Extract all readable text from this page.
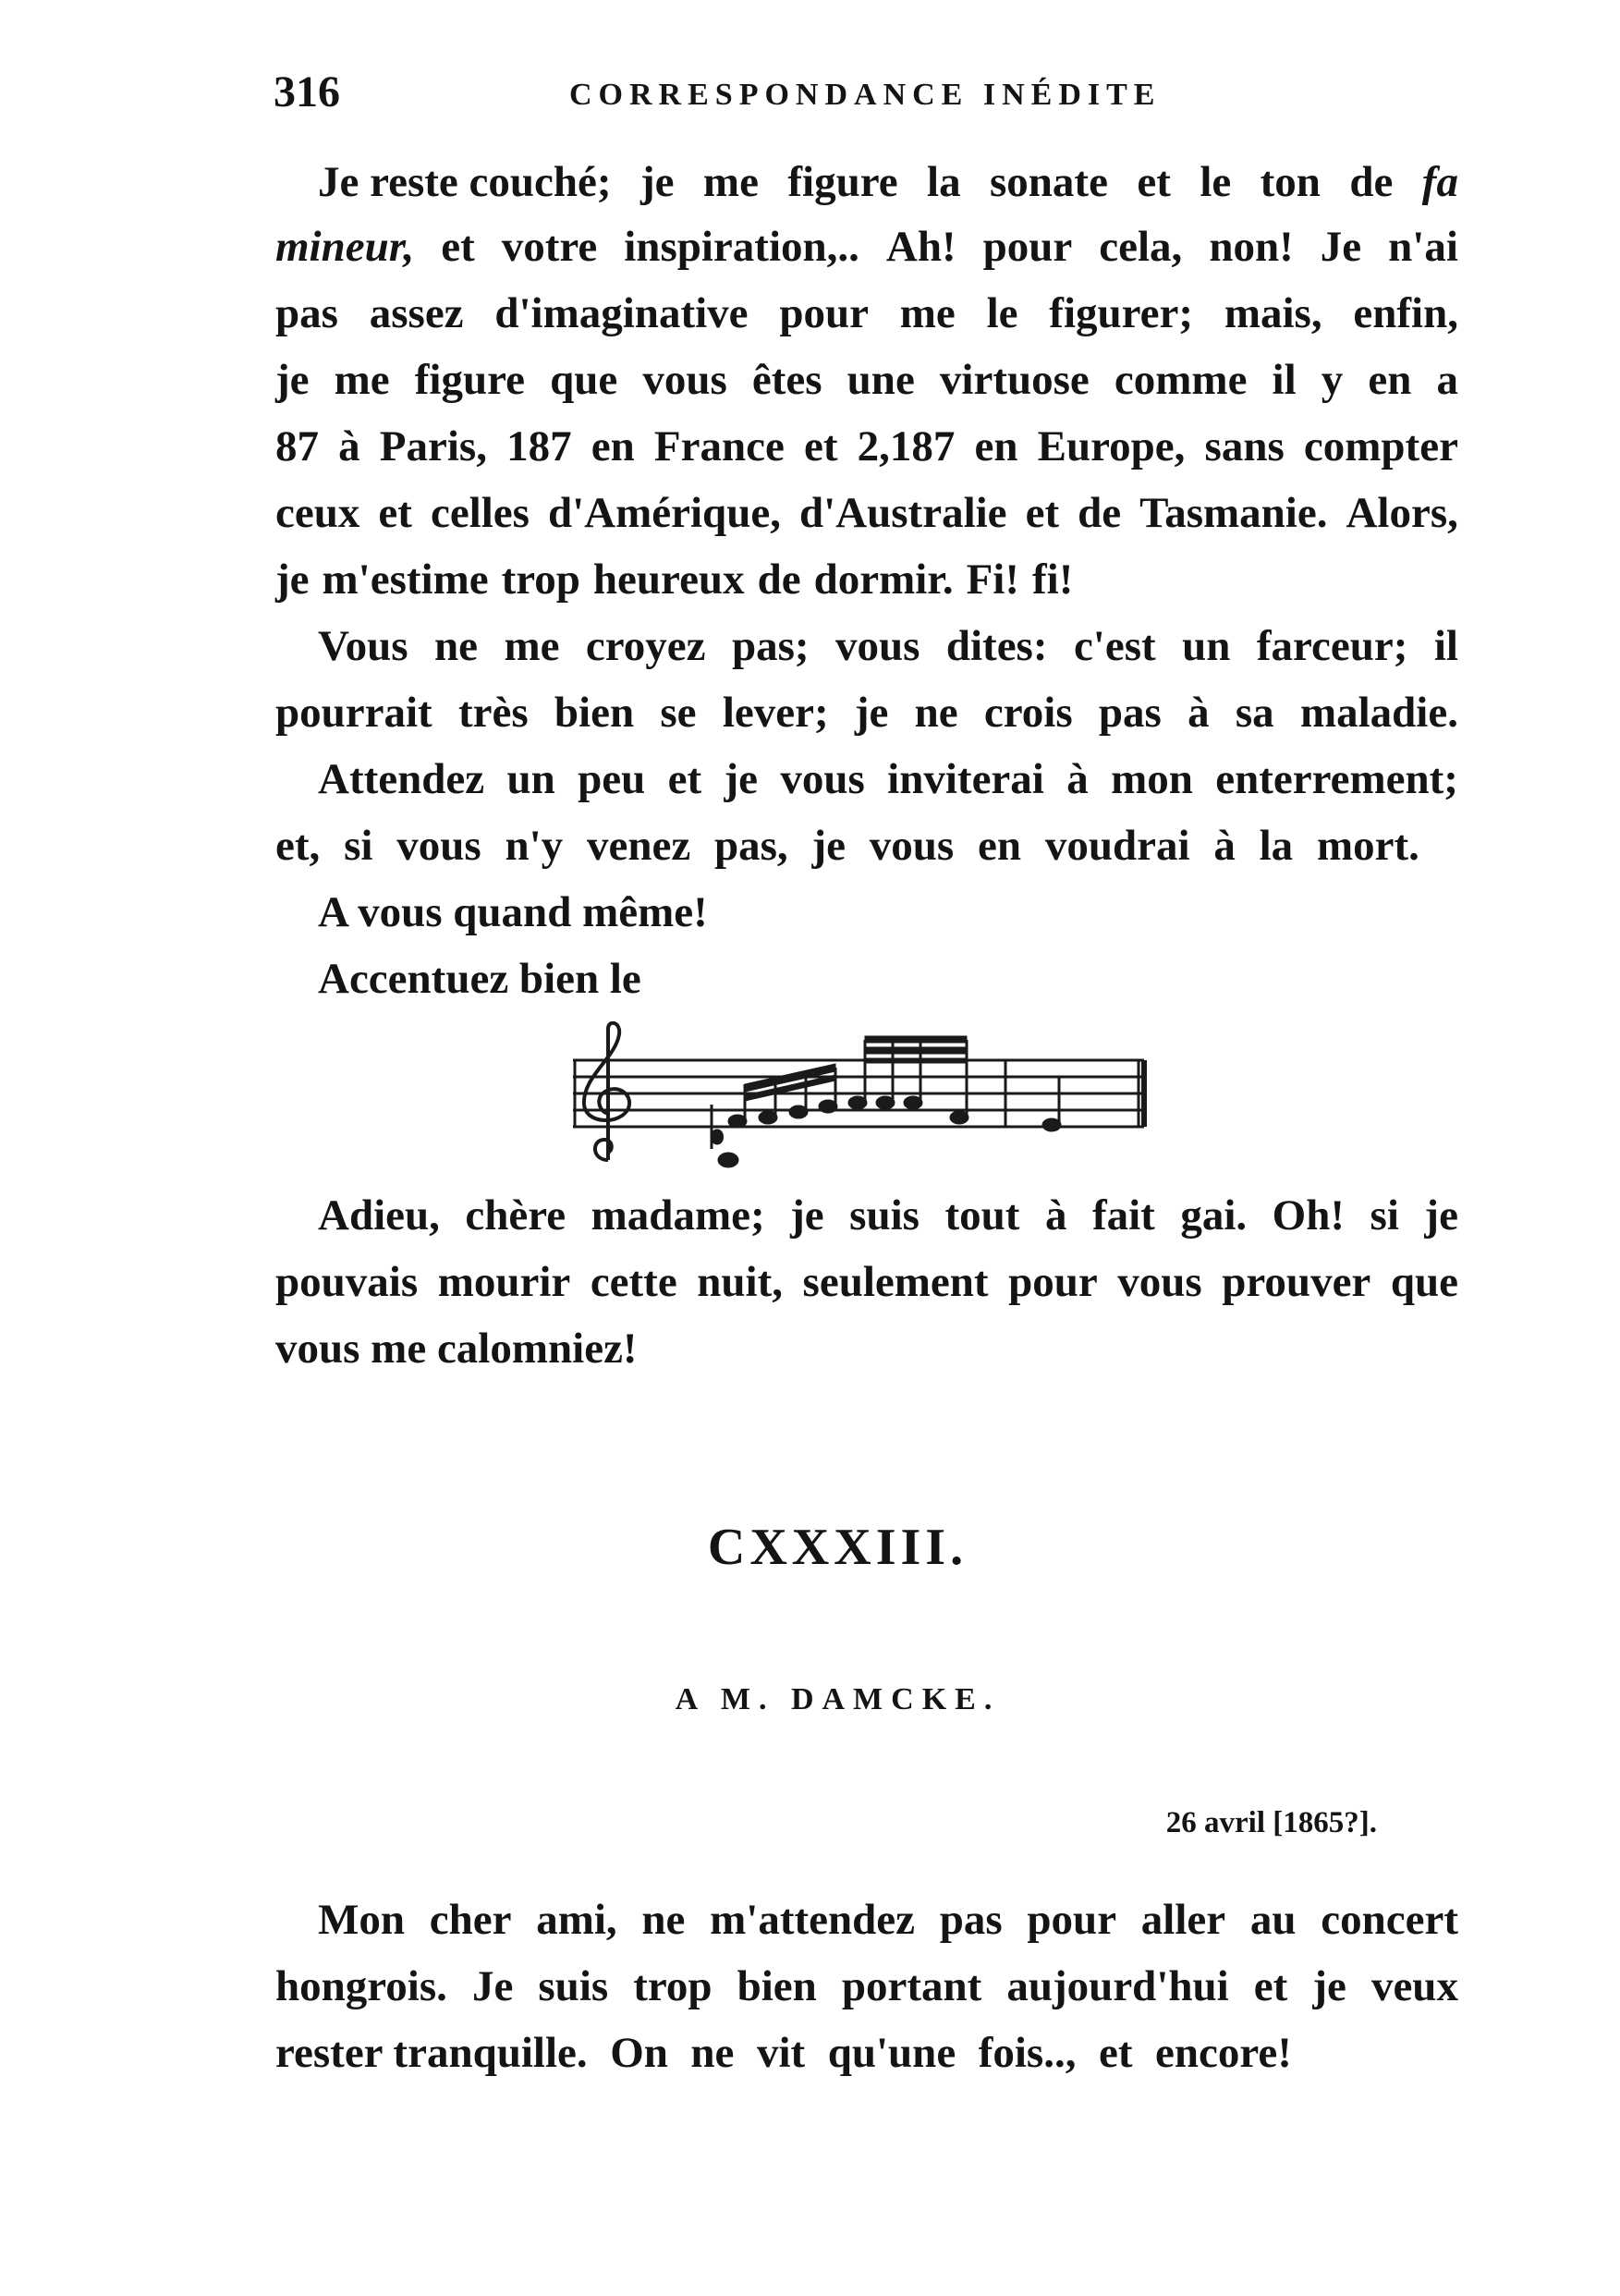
316	CORRESPONDANCE INÉDITE
Je reste couché; je me figure la sonate et le ton de fa
mineur, et votre inspiration,.. Ah! pour cela, non! Je n'ai
pas assez d'imaginative pour me le figurer; mais, enfin,
je me figure que vous êtes une virtuose comme il y en a
87 à Paris, 187 en France et 2,187 en Europe, sans compter
ceux et celles d'Amérique, d'Australie et de Tasmanie. Alors,
je m'estime trop heureux de dormir. Fi! fi!
Vous ne me croyez pas; vous dites: c'est un farceur; il
pourrait très bien se lever; je ne crois pas à sa maladie.
Attendez un peu et je vous inviterai à mon enterrement;
et, si vous n'y venez pas, je vous en voudrai à la mort.
A vous quand même!
Accentuez bien le
Adieu, chère madame; je suis tout à fait gai. Oh! si je
pouvais mourir cette nuit, seulement pour vous prouver que
vous me calomniez!
CXXXIII.
A M. DAMCKE.
26 avril [1865?].
Mon cher ami, ne m'attendez pas pour aller au concert
hongrois. Je suis trop bien portant aujourd'hui et je veux
rester tranquille. On ne vit qu'une fois.., et encore!
